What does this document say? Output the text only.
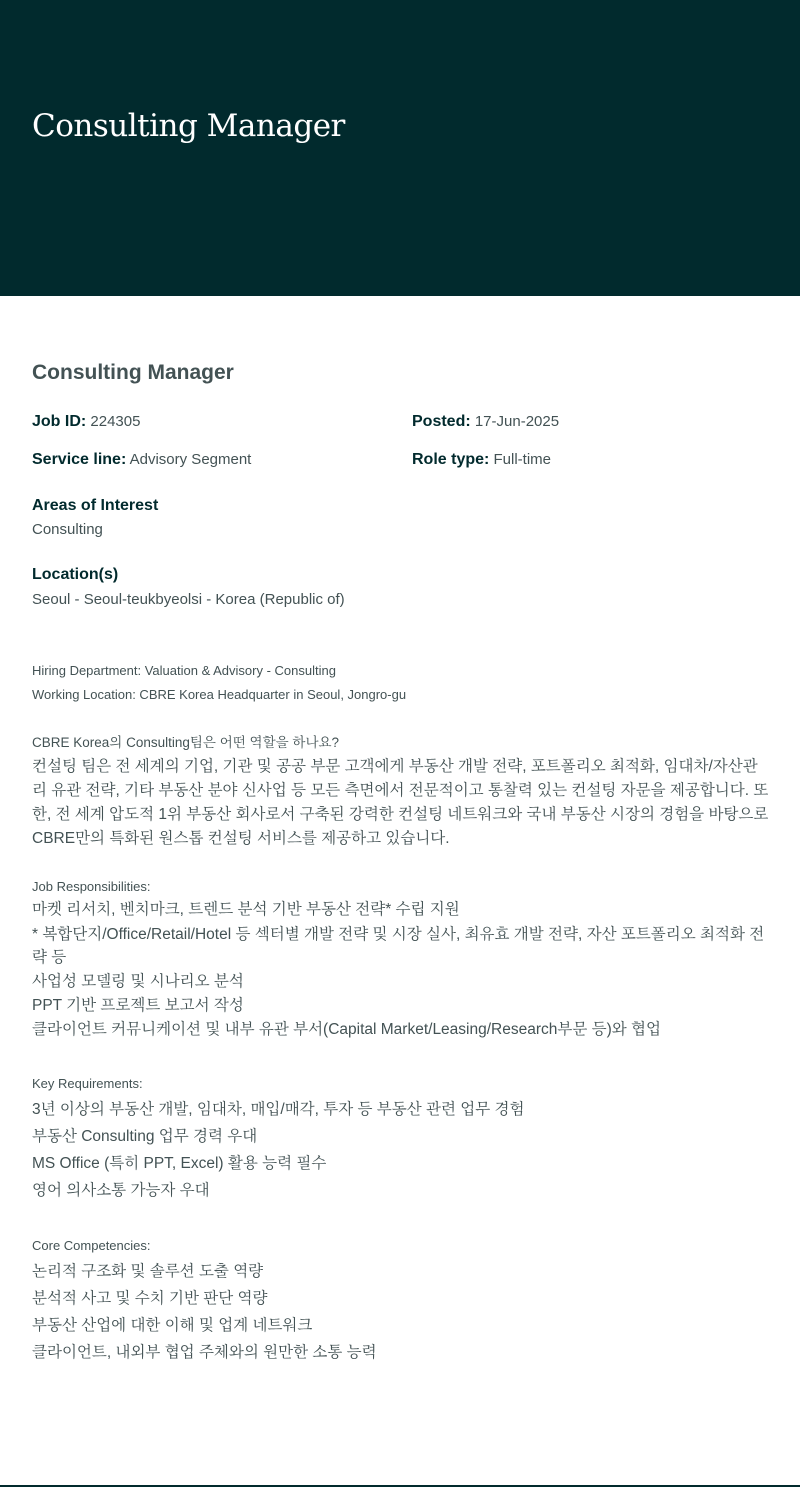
Consulting Manager
Consulting Manager
Job ID: 224305	Posted: 17-Jun-2025
Service line: Advisory Segment	Role type: Full-time
Areas of Interest
Consulting
Location(s)
Seoul - Seoul-teukbyeolsi - Korea (Republic of)
Hiring Department: Valuation & Advisory - Consulting
Working Location: CBRE Korea Headquarter in Seoul, Jongro-gu
CBRE Korea의 Consulting팀은 어떤 역할을 하나요?
컨설팅 팀은 전 세계의 기업, 기관 및 공공 부문 고객에게 부동산 개발 전략, 포트폴리오 최적화, 임대차/자산관리 유관 전략, 기타 부동산 분야 신사업 등 모든 측면에서 전문적이고 통찰력 있는 컨설팅 자문을 제공합니다. 또한, 전 세계 압도적 1위 부동산 회사로서 구축된 강력한 컨설팅 네트워크와 국내 부동산 시장의 경험을 바탕으로 CBRE만의 특화된 원스톱 컨설팅 서비스를 제공하고 있습니다.
Job Responsibilities:
마켓 리서치, 벤치마크, 트렌드 분석 기반 부동산 전략* 수립 지원
* 복합단지/Office/Retail/Hotel 등 섹터별 개발 전략 및 시장 실사, 최유효 개발 전략, 자산 포트폴리오 최적화 전략 등
사업성 모델링 및 시나리오 분석
PPT 기반 프로젝트 보고서 작성
클라이언트 커뮤니케이션 및 내부 유관 부서(Capital Market/Leasing/Research부문 등)와 협업
Key Requirements:
3년 이상의 부동산 개발, 임대차, 매입/매각, 투자 등 부동산 관련 업무 경험
부동산 Consulting 업무 경력 우대
MS Office (특히 PPT, Excel) 활용 능력 필수
영어 의사소통 가능자 우대
Core Competencies:
논리적 구조화 및 솔루션 도출 역량
분석적 사고 및 수치 기반 판단 역량
부동산 산업에 대한 이해 및 업계 네트워크
클라이언트, 내외부 협업 주체와의 원만한 소통 능력
